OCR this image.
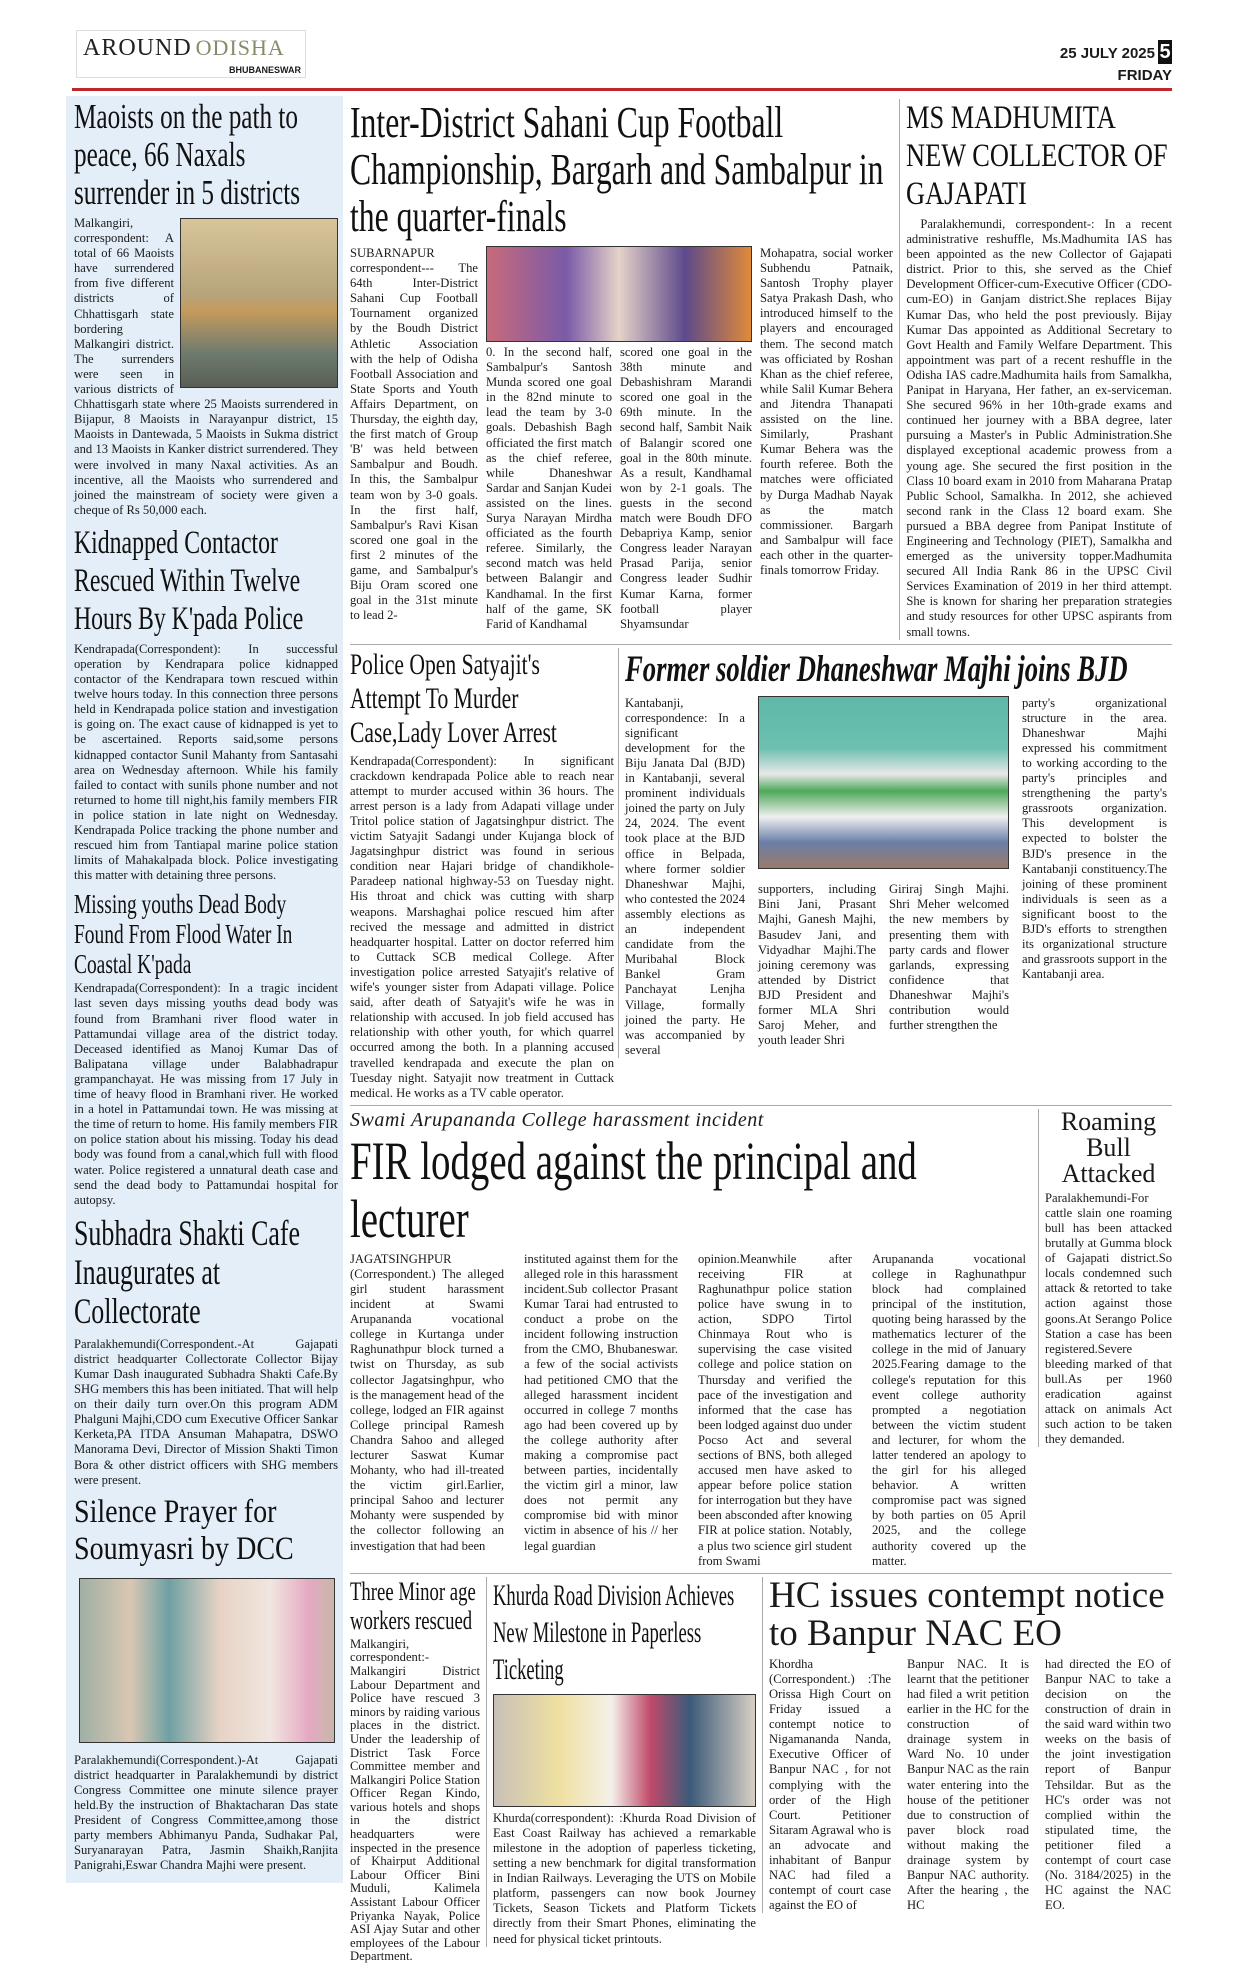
AROUND ODISHA
BHUBANESWAR
25 JULY 2025 5
FRIDAY
Maoists on the path to peace, 66 Naxals surrender in 5 districts
Malkangiri, correspondent: A total of 66 Maoists have surrendered from five different districts of Chhattisgarh state bordering Malkangiri district. The surrenders were seen in various districts of Chhattisgarh state where 25 Maoists surrendered in Bijapur, 8 Maoists in Narayanpur district, 15 Maoists in Dantewada, 5 Maoists in Sukma district and 13 Maoists in Kanker district surrendered. They were involved in many Naxal activities. As an incentive, all the Maoists who surrendered and joined the mainstream of society were given a cheque of Rs 50,000 each.
Kidnapped Contactor Rescued Within Twelve Hours By K'pada Police
Kendrapada(Correspondent): In successful operation by Kendrapara police kidnapped contactor of the Kendrapara town rescued within twelve hours today. In this connection three persons held in Kendrapada police station and investigation is going on. The exact cause of kidnapped is yet to be ascertained. Reports said,some persons kidnapped contactor Sunil Mahanty from Santasahi area on Wednesday afternoon. While his family failed to contact with sunils phone number and not returned to home till night,his family members FIR in police station in late night on Wednesday. Kendrapada Police tracking the phone number and rescued him from Tantiapal marine police station limits of Mahakalpada block. Police investigating this matter with detaining three persons.
Missing youths Dead Body Found From Flood Water In Coastal K'pada
Kendrapada(Correspondent): In a tragic incident last seven days missing youths dead body was found from Bramhani river flood water in Pattamundai village area of the district today. Deceased identified as Manoj Kumar Das of Balipatana village under Balabhadrapur grampanchayat. He was missing from 17 July in time of heavy flood in Bramhani river. He worked in a hotel in Pattamundai town. He was missing at the time of return to home. His family members FIR on police station about his missing. Today his dead body was found from a canal,which full with flood water. Police registered a unnatural death case and send the dead body to Pattamundai hospital for autopsy.
Subhadra Shakti Cafe Inaugurates at Collectorate
Paralakhemundi(Correspondent.-At Gajapati district headquarter Collectorate Collector Bijay Kumar Dash inaugurated Subhadra Shakti Cafe.By SHG members this has been initiated. That will help on their daily turn over.On this program ADM Phalguni Majhi,CDO cum Executive Officer Sankar Kerketa,PA ITDA Ansuman Mahapatra, DSWO Manorama Devi, Director of Mission Shakti Timon Bora & other district officers with SHG members were present.
Silence Prayer for Soumyasri by DCC
Paralakhemundi(Correspondent.)-At Gajapati district headquarter in Paralakhemundi by district Congress Committee one minute silence prayer held.By the instruction of Bhaktacharan Das state President of Congress Committee,among those party members Abhimanyu Panda, Sudhakar Pal, Suryanarayan Patra, Jasmin Shaikh,Ranjita Panigrahi,Eswar Chandra Majhi were present.
Inter-District Sahani Cup Football Championship, Bargarh and Sambalpur in the quarter-finals
SUBARNAPUR correspondent--- The 64th Inter-District Sahani Cup Football Tournament organized by the Boudh District Athletic Association with the help of Odisha Football Association and State Sports and Youth Affairs Department, on Thursday, the eighth day, the first match of Group 'B' was held between Sambalpur and Boudh. In this, the Sambalpur team won by 3-0 goals. In the first half, Sambalpur's Ravi Kisan scored one goal in the first 2 minutes of the game, and Sambalpur's Biju Oram scored one goal in the 31st minute to lead 2-
0. In the second half, Sambalpur's Santosh Munda scored one goal in the 82nd minute to lead the team by 3-0 goals. Debashish Bagh officiated the first match as the chief referee, while Dhaneshwar Sardar and Sanjan Kudei assisted on the lines. Surya Narayan Mirdha officiated as the fourth referee. Similarly, the second match was held between Balangir and Kandhamal. In the first half of the game, SK Farid of Kandhamal
scored one goal in the 38th minute and Debashishram Marandi scored one goal in the 69th minute. In the second half, Sambit Naik of Balangir scored one goal in the 80th minute. As a result, Kandhamal won by 2-1 goals. The guests in the second match were Boudh DFO Debapriya Kamp, senior Congress leader Narayan Prasad Parija, senior Congress leader Sudhir Kumar Karna, former football player Shyamsundar
Mohapatra, social worker Subhendu Patnaik, Santosh Trophy player Satya Prakash Dash, who introduced himself to the players and encouraged them. The second match was officiated by Roshan Khan as the chief referee, while Salil Kumar Behera and Jitendra Thanapati assisted on the line. Similarly, Prashant Kumar Behera was the fourth referee. Both the matches were officiated by Durga Madhab Nayak as the match commissioner. Bargarh and Sambalpur will face each other in the quarter-finals tomorrow Friday.
MS MADHUMITA NEW COLLECTOR OF GAJAPATI
Paralakhemundi, correspondent-: In a recent administrative reshuffle, Ms.Madhumita IAS has been appointed as the new Collector of Gajapati district. Prior to this, she served as the Chief Development Officer-cum-Executive Officer (CDO-cum-EO) in Ganjam district.She replaces Bijay Kumar Das, who held the post previously. Bijay Kumar Das appointed as Additional Secretary to Govt Health and Family Welfare Department. This appointment was part of a recent reshuffle in the Odisha IAS cadre.Madhumita hails from Samalkha, Panipat in Haryana, Her father, an ex-serviceman. She secured 96% in her 10th-grade exams and continued her journey with a BBA degree, later pursuing a Master's in Public Administration.She displayed exceptional academic prowess from a young age. She secured the first position in the Class 10 board exam in 2010 from Maharana Pratap Public School, Samalkha. In 2012, she achieved second rank in the Class 12 board exam. She pursued a BBA degree from Panipat Institute of Engineering and Technology (PIET), Samalkha and emerged as the university topper.Madhumita secured All India Rank 86 in the UPSC Civil Services Examination of 2019 in her third attempt. She is known for sharing her preparation strategies and study resources for other UPSC aspirants from small towns.
Police Open Satyajit's Attempt To Murder Case,Lady Lover Arrest
Kendrapada(Correspondent): In significant crackdown kendrapada Police able to reach near attempt to murder accused within 36 hours. The arrest person is a lady from Adapati village under Tritol police station of Jagatsinghpur district. The victim Satyajit Sadangi under Kujanga block of Jagatsinghpur district was found in serious condition near Hajari bridge of chandikhole-Paradeep national highway-53 on Tuesday night. His throat and chick was cutting with sharp weapons. Marshaghai police rescued him after recived the message and admitted in district headquarter hospital. Latter on doctor referred him to Cuttack SCB medical College. After investigation police arrested Satyajit's relative of wife's younger sister from Adapati village. Police said, after death of Satyajit's wife he was in relationship with accused. In job field accused has relationship with other youth, for which quarrel occurred among the both. In a planning accused travelled kendrapada and execute the plan on Tuesday night. Satyajit now treatment in Cuttack medical. He works as a TV cable operator.
Former soldier Dhaneshwar Majhi joins BJD
Kantabanji, correspondence: In a significant development for the Biju Janata Dal (BJD) in Kantabanji, several prominent individuals joined the party on July 24, 2024. The event took place at the BJD office in Belpada, where former soldier Dhaneshwar Majhi, who contested the 2024 assembly elections as an independent candidate from the Muribahal Block Bankel Gram Panchayat Lenjha Village, formally joined the party. He was accompanied by several
supporters, including Bini Jani, Prasant Majhi, Ganesh Majhi, Basudev Jani, and Vidyadhar Majhi.The joining ceremony was attended by District BJD President and former MLA Shri Saroj Meher, and youth leader Shri
Giriraj Singh Majhi. Shri Meher welcomed the new members by presenting them with party cards and flower garlands, expressing confidence that Dhaneshwar Majhi's contribution would further strengthen the
party's organizational structure in the area. Dhaneshwar Majhi expressed his commitment to working according to the party's principles and strengthening the party's grassroots organization. This development is expected to bolster the BJD's presence in the Kantabanji constituency.The joining of these prominent individuals is seen as a significant boost to the BJD's efforts to strengthen its organizational structure and grassroots support in the Kantabanji area.
Swami Arupananda College harassment incident
FIR lodged against the principal and lecturer
JAGATSINGHPUR (Correspondent.) The alleged girl student harassment incident at Swami Arupananda vocational college in Kurtanga under Raghunathpur block turned a twist on Thursday, as sub collector Jagatsinghpur, who is the management head of the college, lodged an FIR against College principal Ramesh Chandra Sahoo and alleged lecturer Saswat Kumar Mohanty, who had ill-treated the victim girl.Earlier, principal Sahoo and lecturer Mohanty were suspended by the collector following an investigation that had been
instituted against them for the alleged role in this harassment incident.Sub collector Prasant Kumar Tarai had entrusted to conduct a probe on the incident following instruction from the CMO, Bhubaneswar. a few of the social activists had petitioned CMO that the alleged harassment incident occurred in college 7 months ago had been covered up by the college authority after making a compromise pact between parties, incidentally the victim girl a minor, law does not permit any compromise bid with minor victim in absence of his // her legal guardian
opinion.Meanwhile after receiving FIR at Raghunathpur police station police have swung in to action, SDPO Tirtol Chinmaya Rout who is supervising the case visited college and police station on Thursday and verified the pace of the investigation and informed that the case has been lodged against duo under Pocso Act and several sections of BNS, both alleged accused men have asked to appear before police station for interrogation but they have been absconded after knowing FIR at police station. Notably, a plus two science girl student from Swami
Arupananda vocational college in Raghunathpur block had complained principal of the institution, quoting being harassed by the mathematics lecturer of the college in the mid of January 2025.Fearing damage to the college's reputation for this event college authority prompted a negotiation between the victim student and lecturer, for whom the latter tendered an apology to the girl for his alleged behavior. A written compromise pact was signed by both parties on 05 April 2025, and the college authority covered up the matter.
Roaming Bull Attacked
Paralakhemundi-For cattle slain one roaming bull has been attacked brutally at Gumma block of Gajapati district.So locals condemned such attack & retorted to take action against those goons.At Serango Police Station a case has been registered.Severe bleeding marked of that bull.As per 1960 eradication against attack on animals Act such action to be taken they demanded.
Three Minor age workers rescued
Malkangiri, correspondent:- Malkangiri District Labour Department and Police have rescued 3 minors by raiding various places in the district. Under the leadership of District Task Force Committee member and Malkangiri Police Station Officer Regan Kindo, various hotels and shops in the district headquarters were inspected in the presence of Khairput Additional Labour Officer Bini Muduli, Kalimela Assistant Labour Officer Priyanka Nayak, Police ASI Ajay Sutar and other employees of the Labour Department.
Khurda Road Division Achieves New Milestone in Paperless Ticketing
Khurda(correspondent): :Khurda Road Division of East Coast Railway has achieved a remarkable milestone in the adoption of paperless ticketing, setting a new benchmark for digital transformation in Indian Railways. Leveraging the UTS on Mobile platform, passengers can now book Journey Tickets, Season Tickets and Platform Tickets directly from their Smart Phones, eliminating the need for physical ticket printouts.
HC issues contempt notice to Banpur NAC EO
Khordha (Correspondent.) :The Orissa High Court on Friday issued a contempt notice to Nigamananda Nanda, Executive Officer of Banpur NAC , for not complying with the order of the High Court. Petitioner Sitaram Agrawal who is an advocate and inhabitant of Banpur NAC had filed a contempt of court case against the EO of
Banpur NAC. It is learnt that the petitioner had filed a writ petition earlier in the HC for the construction of drainage system in Ward No. 10 under Banpur NAC as the rain water entering into the house of the petitioner due to construction of paver block road without making the drainage system by Banpur NAC authority. After the hearing , the HC
had directed the EO of Banpur NAC to take a decision on the construction of drain in the said ward within two weeks on the basis of the joint investigation report of Banpur Tehsildar. But as the HC's order was not complied within the stipulated time, the petitioner filed a contempt of court case (No. 3184/2025) in the HC against the NAC EO.
